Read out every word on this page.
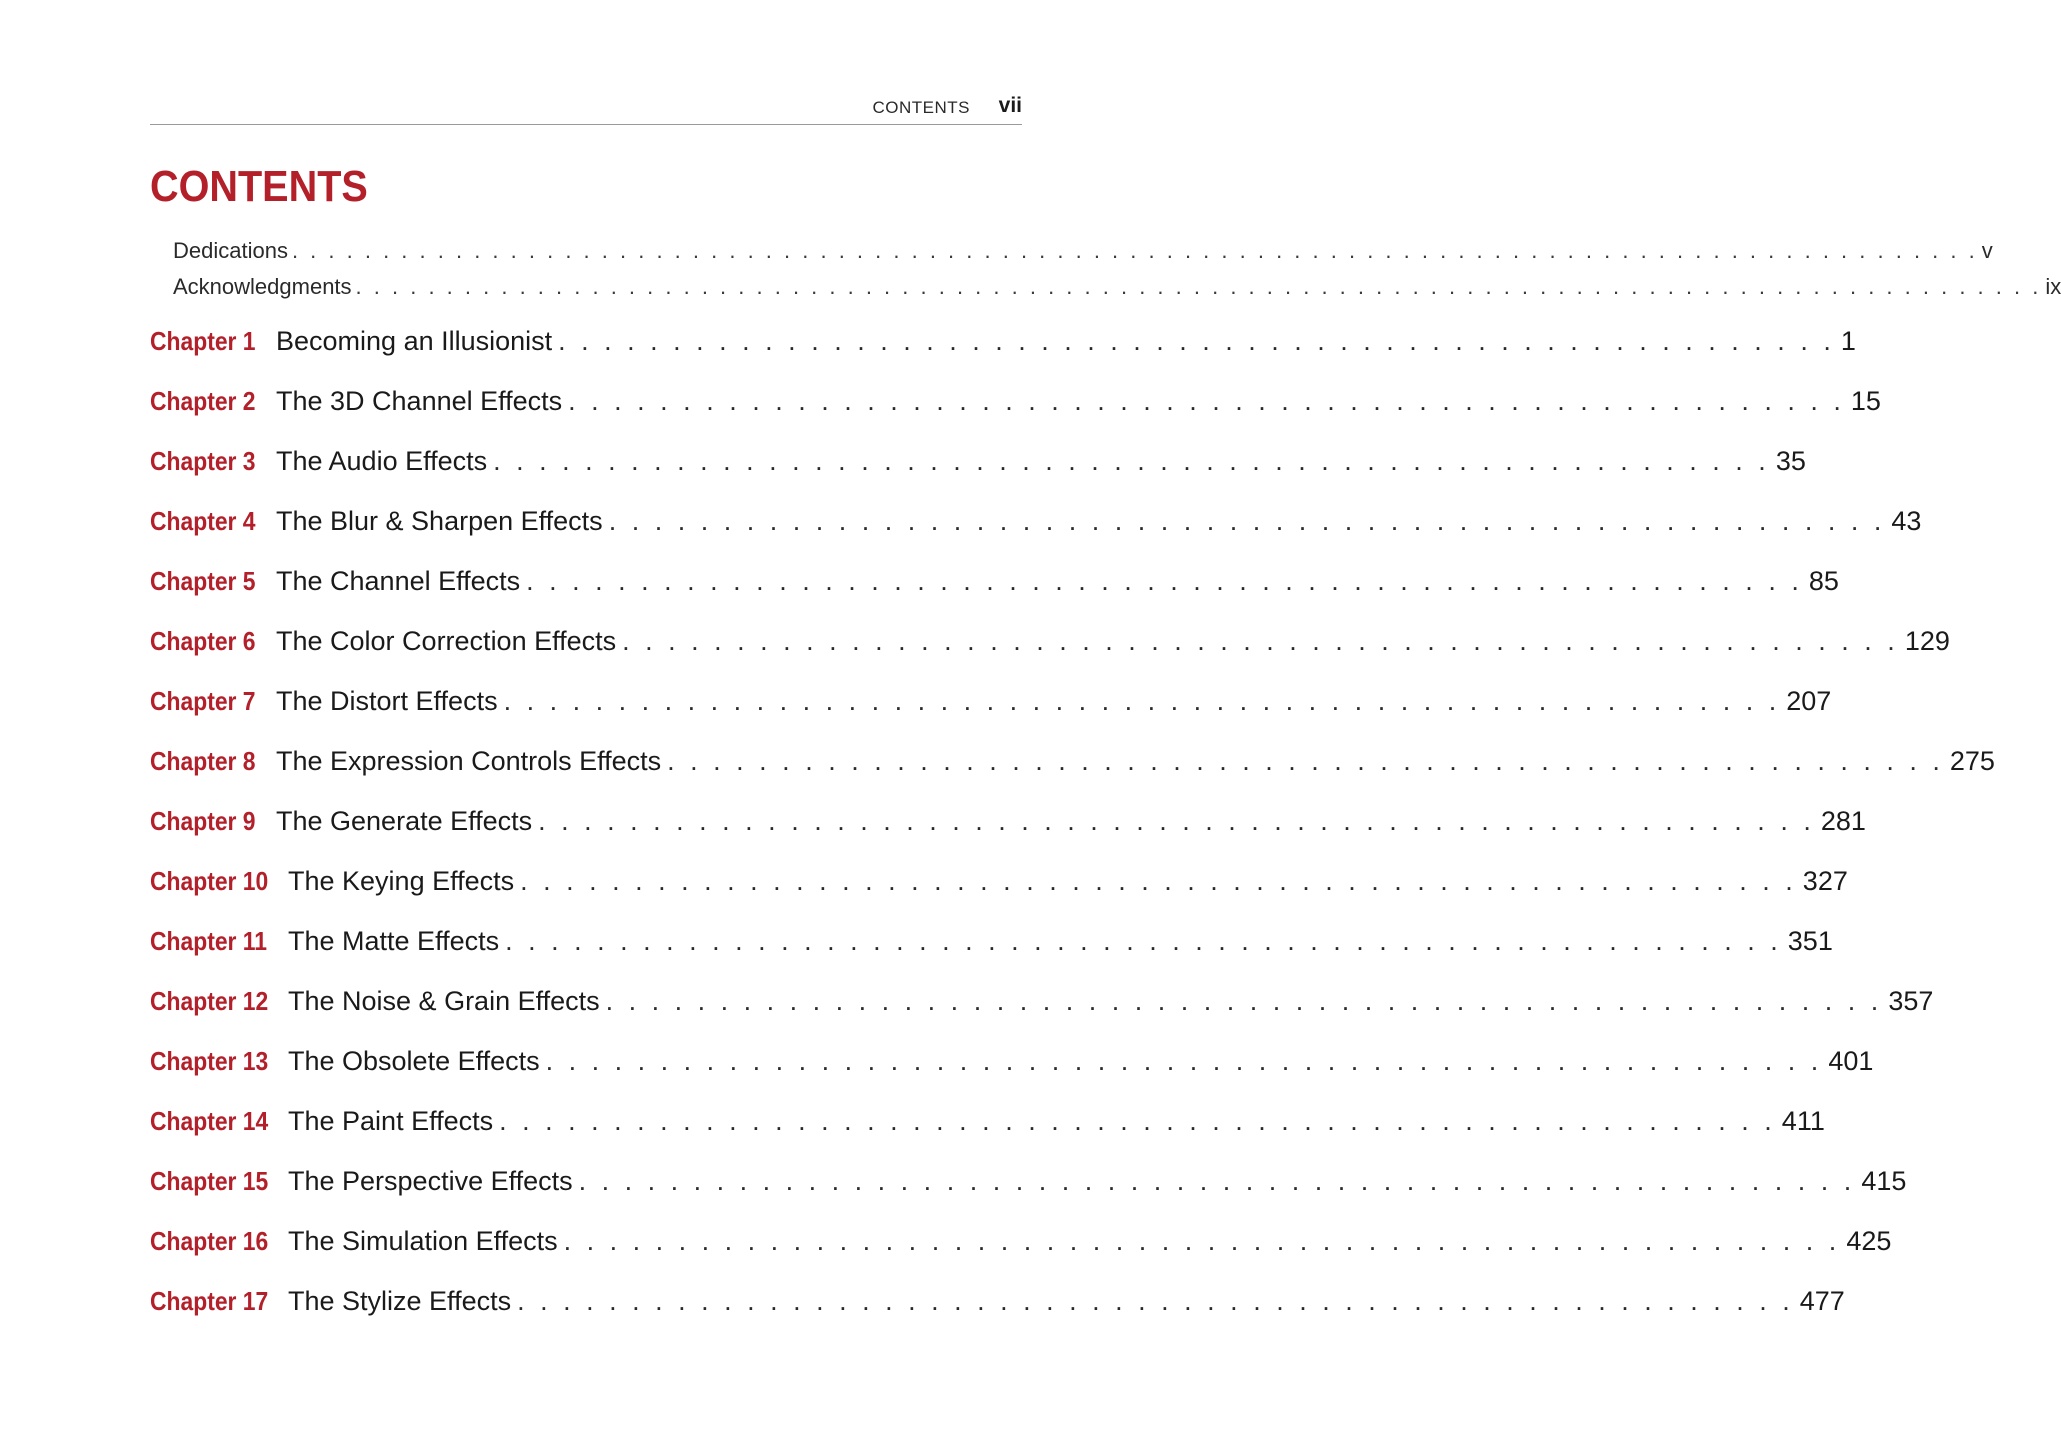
CONTENTS vii
CONTENTS
Dedications . . . . . . . . . . . . . . . . . . . . . . . . . . . . . . . . . . . . . . . . . . . . . . . . . . . . . . . . . . . . . . . . . . . . . . . . . . . . . . . . . . . . . . . . . . . . . v
Acknowledgments . . . . . . . . . . . . . . . . . . . . . . . . . . . . . . . . . . . . . . . . . . . . . . . . . . . . . . . . . . . . . . . . . . . . . . . . . . . . . . . . . . . . . . . . . . . . . ix
Chapter 1 Becoming an Illusionist . . . . . . . . . . . . . . . . . . . . . . . . . . . . . . . . . . . . . . . . . . . . . . . . . . . . . . . . 1
Chapter 2 The 3D Channel Effects . . . . . . . . . . . . . . . . . . . . . . . . . . . . . . . . . . . . . . . . . . . . . . . . . . . . . . . . 15
Chapter 3 The Audio Effects . . . . . . . . . . . . . . . . . . . . . . . . . . . . . . . . . . . . . . . . . . . . . . . . . . . . . . . . 35
Chapter 4 The Blur & Sharpen Effects . . . . . . . . . . . . . . . . . . . . . . . . . . . . . . . . . . . . . . . . . . . . . . . . . . . . . . . . 43
Chapter 5 The Channel Effects . . . . . . . . . . . . . . . . . . . . . . . . . . . . . . . . . . . . . . . . . . . . . . . . . . . . . . . . 85
Chapter 6 The Color Correction Effects . . . . . . . . . . . . . . . . . . . . . . . . . . . . . . . . . . . . . . . . . . . . . . . . . . . . . . . . 129
Chapter 7 The Distort Effects . . . . . . . . . . . . . . . . . . . . . . . . . . . . . . . . . . . . . . . . . . . . . . . . . . . . . . . . 207
Chapter 8 The Expression Controls Effects . . . . . . . . . . . . . . . . . . . . . . . . . . . . . . . . . . . . . . . . . . . . . . . . . . . . . . . . 275
Chapter 9 The Generate Effects . . . . . . . . . . . . . . . . . . . . . . . . . . . . . . . . . . . . . . . . . . . . . . . . . . . . . . . . 281
Chapter 10 The Keying Effects . . . . . . . . . . . . . . . . . . . . . . . . . . . . . . . . . . . . . . . . . . . . . . . . . . . . . . . . 327
Chapter 11 The Matte Effects . . . . . . . . . . . . . . . . . . . . . . . . . . . . . . . . . . . . . . . . . . . . . . . . . . . . . . . . 351
Chapter 12 The Noise & Grain Effects . . . . . . . . . . . . . . . . . . . . . . . . . . . . . . . . . . . . . . . . . . . . . . . . . . . . . . . . 357
Chapter 13 The Obsolete Effects . . . . . . . . . . . . . . . . . . . . . . . . . . . . . . . . . . . . . . . . . . . . . . . . . . . . . . . . 401
Chapter 14 The Paint Effects . . . . . . . . . . . . . . . . . . . . . . . . . . . . . . . . . . . . . . . . . . . . . . . . . . . . . . . . 411
Chapter 15 The Perspective Effects . . . . . . . . . . . . . . . . . . . . . . . . . . . . . . . . . . . . . . . . . . . . . . . . . . . . . . . . 415
Chapter 16 The Simulation Effects . . . . . . . . . . . . . . . . . . . . . . . . . . . . . . . . . . . . . . . . . . . . . . . . . . . . . . . . 425
Chapter 17 The Stylize Effects . . . . . . . . . . . . . . . . . . . . . . . . . . . . . . . . . . . . . . . . . . . . . . . . . . . . . . . . 477
